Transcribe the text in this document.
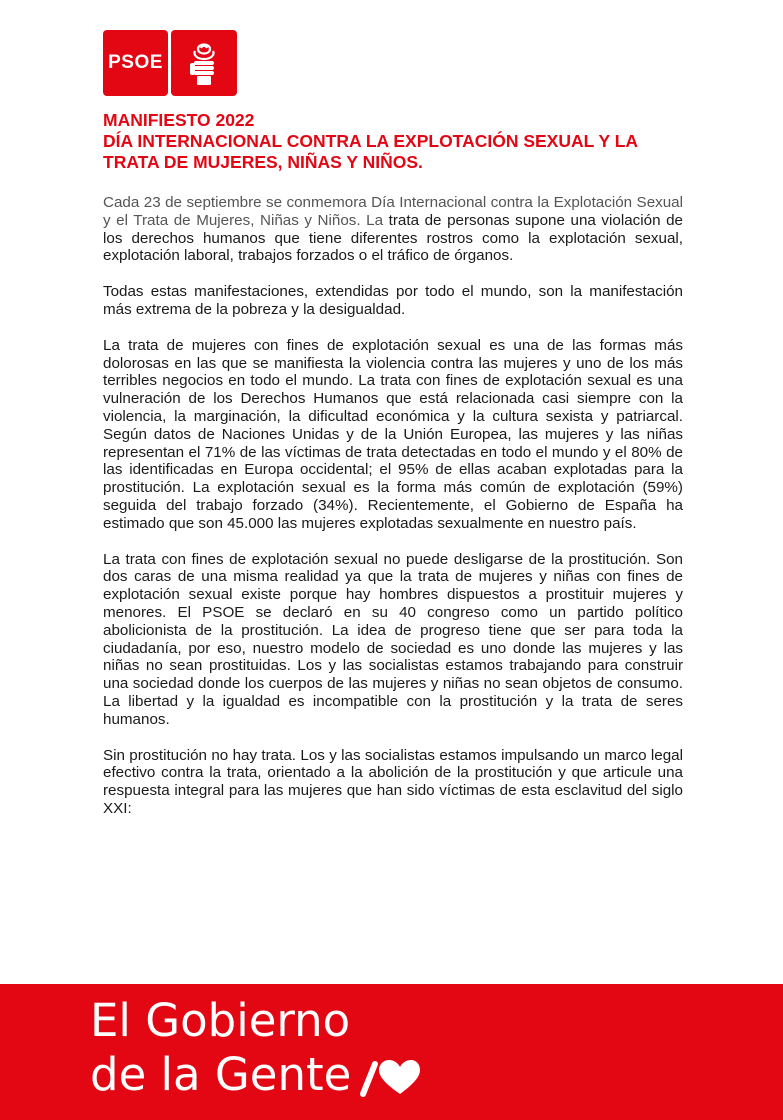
PSOE
MANIFIESTO 2022
DÍA INTERNACIONAL CONTRA LA EXPLOTACIÓN SEXUAL Y LA TRATA DE MUJERES, NIÑAS Y NIÑOS.

Cada 23 de septiembre se conmemora Día Internacional contra la Explotación Sexual y el Trata de Mujeres, Niñas y Niños. La trata de personas supone una violación de los derechos humanos que tiene diferentes rostros como la explotación sexual, explotación laboral, trabajos forzados o el tráfico de órganos.

Todas estas manifestaciones, extendidas por todo el mundo, son la manifestación más extrema de la pobreza y la desigualdad.

La trata de mujeres con fines de explotación sexual es una de las formas más dolorosas en las que se manifiesta la violencia contra las mujeres y uno de los más terribles negocios en todo el mundo. La trata con fines de explotación sexual es una vulneración de los Derechos Humanos que está relacionada casi siempre con la violencia, la marginación, la dificultad económica y la cultura sexista y patriarcal. Según datos de Naciones Unidas y de la Unión Europea, las mujeres y las niñas representan el 71% de las víctimas de trata detectadas en todo el mundo y el 80% de las identificadas en Europa occidental; el 95% de ellas acaban explotadas para la prostitución. La explotación sexual es la forma más común de explotación (59%) seguida del trabajo forzado (34%). Recientemente, el Gobierno de España ha estimado que son 45.000 las mujeres explotadas sexualmente en nuestro país.

La trata con fines de explotación sexual no puede desligarse de la prostitución. Son dos caras de una misma realidad ya que la trata de mujeres y niñas con fines de explotación sexual existe porque hay hombres dispuestos a prostituir mujeres y menores. El PSOE se declaró en su 40 congreso como un partido político abolicionista de la prostitución. La idea de progreso tiene que ser para toda la ciudadanía, por eso, nuestro modelo de sociedad es uno donde las mujeres y las niñas no sean prostituidas. Los y las socialistas estamos trabajando para construir una sociedad donde los cuerpos de las mujeres y niñas no sean objetos de consumo. La libertad y la igualdad es incompatible con la prostitución y la trata de seres humanos.

Sin prostitución no hay trata. Los y las socialistas estamos impulsando un marco legal efectivo contra la trata, orientado a la abolición de la prostitución y que articule una respuesta integral para las mujeres que han sido víctimas de esta esclavitud del siglo XXI:

El Gobierno
de la Gente
